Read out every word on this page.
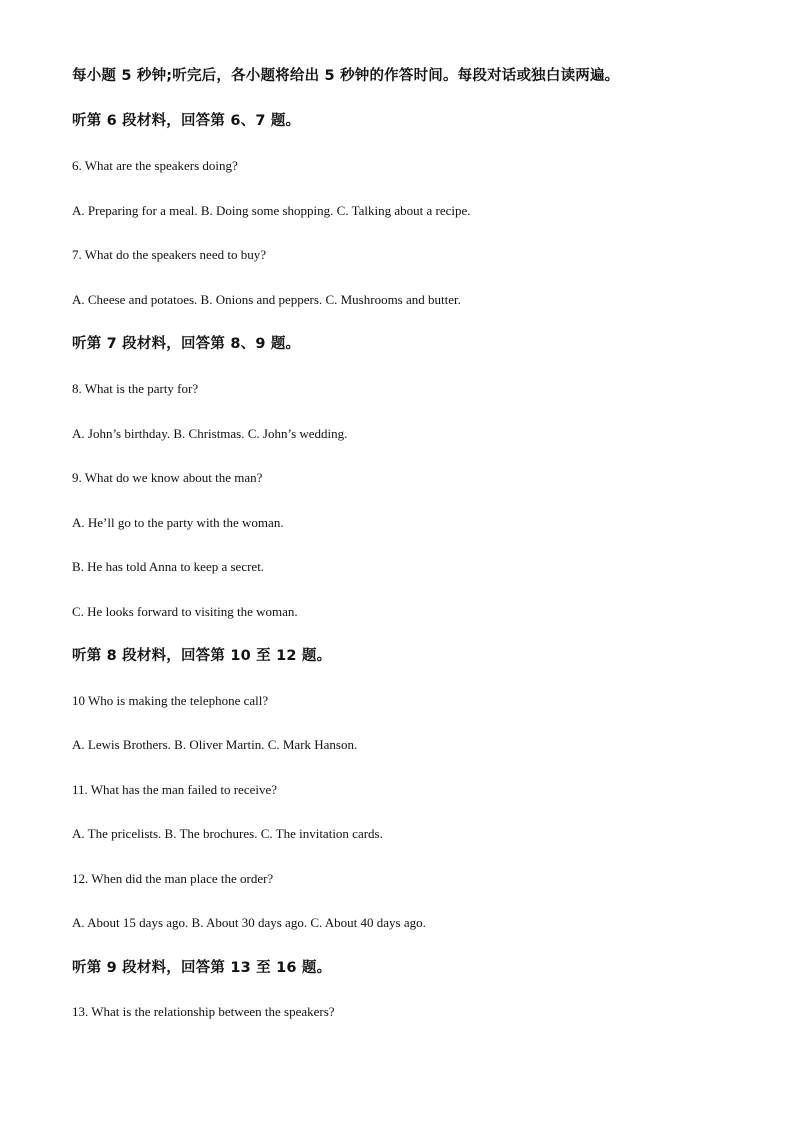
每小题 5 秒钟;听完后，各小题将给出 5 秒钟的作答时间。每段对话或独白读两遍。
听第 6 段材料，回答第 6、7 题。
6. What are the speakers doing?
A. Preparing for a meal. B. Doing some shopping. C. Talking about a recipe.
7. What do the speakers need to buy?
A. Cheese and potatoes. B. Onions and peppers. C. Mushrooms and butter.
听第 7 段材料，回答第 8、9 题。
8. What is the party for?
A. John’s birthday. B. Christmas. C. John’s wedding.
9. What do we know about the man?
A. He’ll go to the party with the woman.
B. He has told Anna to keep a secret.
C. He looks forward to visiting the woman.
听第 8 段材料，回答第 10 至 12 题。
10 Who is making the telephone call?
A. Lewis Brothers. B. Oliver Martin. C. Mark Hanson.
11. What has the man failed to receive?
A. The pricelists. B. The brochures. C. The invitation cards.
12. When did the man place the order?
A. About 15 days ago. B. About 30 days ago. C. About 40 days ago.
听第 9 段材料，回答第 13 至 16 题。
13. What is the relationship between the speakers?
